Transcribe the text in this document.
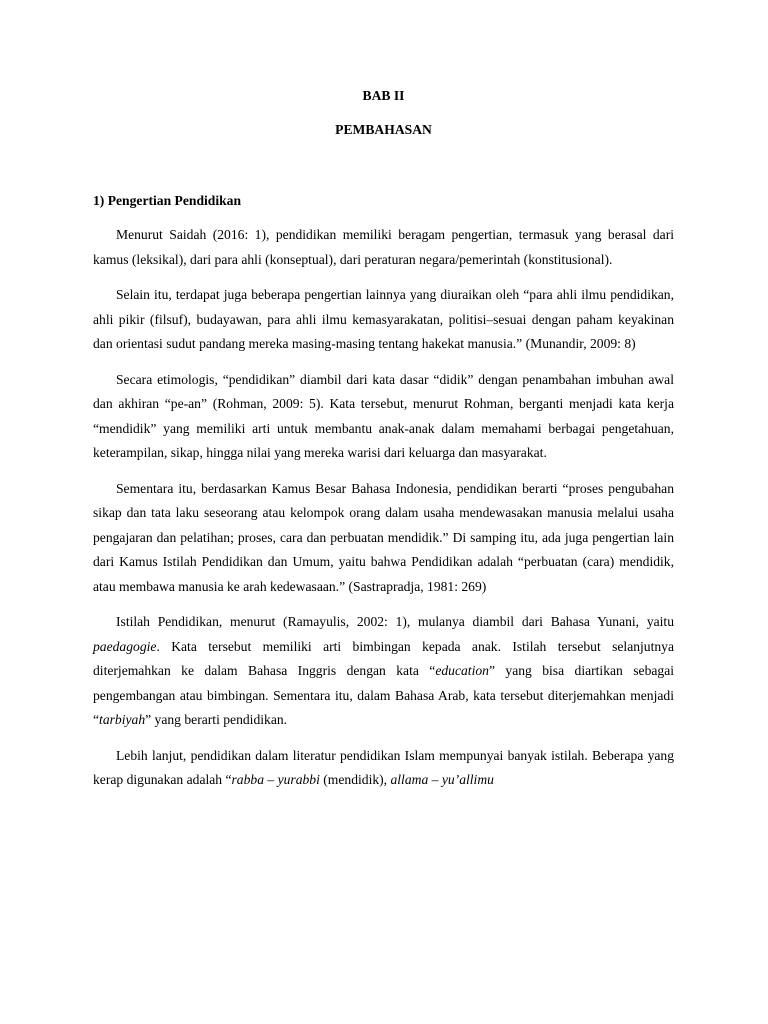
BAB II
PEMBAHASAN
1) Pengertian Pendidikan

Menurut Saidah (2016: 1), pendidikan memiliki beragam pengertian, termasuk yang berasal dari kamus (leksikal), dari para ahli (konseptual), dari peraturan negara/pemerintah (konstitusional).

Selain itu, terdapat juga beberapa pengertian lainnya yang diuraikan oleh “para ahli ilmu pendidikan, ahli pikir (filsuf), budayawan, para ahli ilmu kemasyarakatan, politisi–sesuai dengan paham keyakinan dan orientasi sudut pandang mereka masing-masing tentang hakekat manusia.” (Munandir, 2009: 8)

Secara etimologis, “pendidikan” diambil dari kata dasar “didik” dengan penambahan imbuhan awal dan akhiran “pe-an” (Rohman, 2009: 5). Kata tersebut, menurut Rohman, berganti menjadi kata kerja “mendidik” yang memiliki arti untuk membantu anak-anak dalam memahami berbagai pengetahuan, keterampilan, sikap, hingga nilai yang mereka warisi dari keluarga dan masyarakat.

Sementara itu, berdasarkan Kamus Besar Bahasa Indonesia, pendidikan berarti “proses pengubahan sikap dan tata laku seseorang atau kelompok orang dalam usaha mendewasakan manusia melalui usaha pengajaran dan pelatihan; proses, cara dan perbuatan mendidik.” Di samping itu, ada juga pengertian lain dari Kamus Istilah Pendidikan dan Umum, yaitu bahwa Pendidikan adalah “perbuatan (cara) mendidik, atau membawa manusia ke arah kedewasaan.” (Sastrapradja, 1981: 269)

Istilah Pendidikan, menurut (Ramayulis, 2002: 1), mulanya diambil dari Bahasa Yunani, yaitu paedagogie. Kata tersebut memiliki arti bimbingan kepada anak. Istilah tersebut selanjutnya diterjemahkan ke dalam Bahasa Inggris dengan kata “education” yang bisa diartikan sebagai pengembangan atau bimbingan. Sementara itu, dalam Bahasa Arab, kata tersebut diterjemahkan menjadi “tarbiyah” yang berarti pendidikan.

Lebih lanjut, pendidikan dalam literatur pendidikan Islam mempunyai banyak istilah. Beberapa yang kerap digunakan adalah “rabba – yurabbi (mendidik), allama – yu’allimu
